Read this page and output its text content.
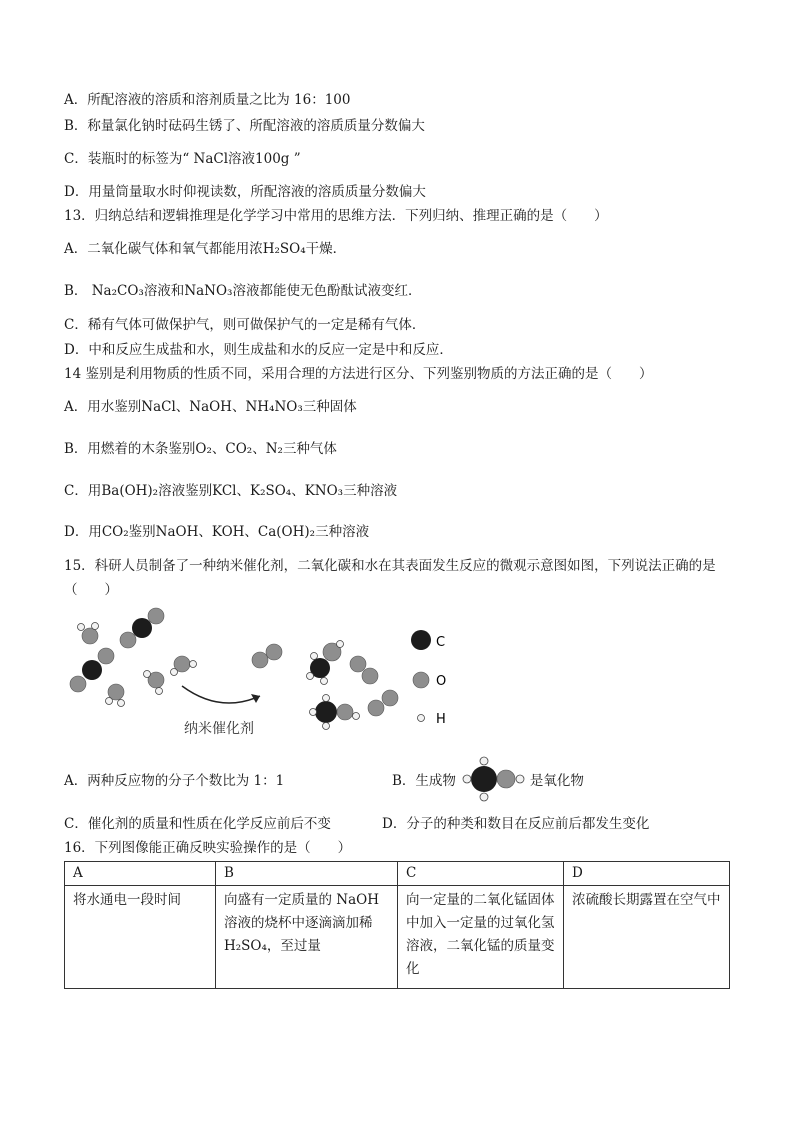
A．所配溶液的溶质和溶剂质量之比为 16：100
B．称量氯化钠时砝码生锈了、所配溶液的溶质质量分数偏大
C．装瓶时的标签为“ NaCl溶液100g ”
D．用量筒量取水时仰视读数，所配溶液的溶质质量分数偏大
13．归纳总结和逻辑推理是化学学习中常用的思维方法．下列归纳、推理正确的是（　　）
A．二氧化碳气体和氧气都能用浓H₂SO₄干燥．
B． Na₂CO₃溶液和NaNO₃溶液都能使无色酚酞试液变红．
C．稀有气体可做保护气，则可做保护气的一定是稀有气体．
D．中和反应生成盐和水，则生成盐和水的反应一定是中和反应．
14 鉴别是利用物质的性质不同，采用合理的方法进行区分、下列鉴别物质的方法正确的是（　　）
A．用水鉴别NaCl、NaOH、NH₄NO₃三种固体
B．用燃着的木条鉴别O₂、CO₂、N₂三种气体
C．用Ba(OH)₂溶液鉴别KCl、K₂SO₄、KNO₃三种溶液
D．用CO₂鉴别NaOH、KOH、Ca(OH)₂三种溶液
15．科研人员制备了一种纳米催化剂，二氧化碳和水在其表面发生反应的微观示意图如图，下列说法正确的是
（　　）
纳米催化剂
C
O
H
A．两种反应物的分子个数比为 1：1	B．生成物	是氧化物
C．催化剂的质量和性质在化学反应前后不变	D．分子的种类和数目在反应前后都发生变化
16．下列图像能正确反映实验操作的是（　　）
A	B	C	D
将水通电一段时间	向盛有一定质量的 NaOH 溶液的烧杯中逐滴滴加稀 H₂SO₄，至过量	向一定量的二氧化锰固体中加入一定量的过氧化氢溶液，二氧化锰的质量变化	浓硫酸长期露置在空气中
